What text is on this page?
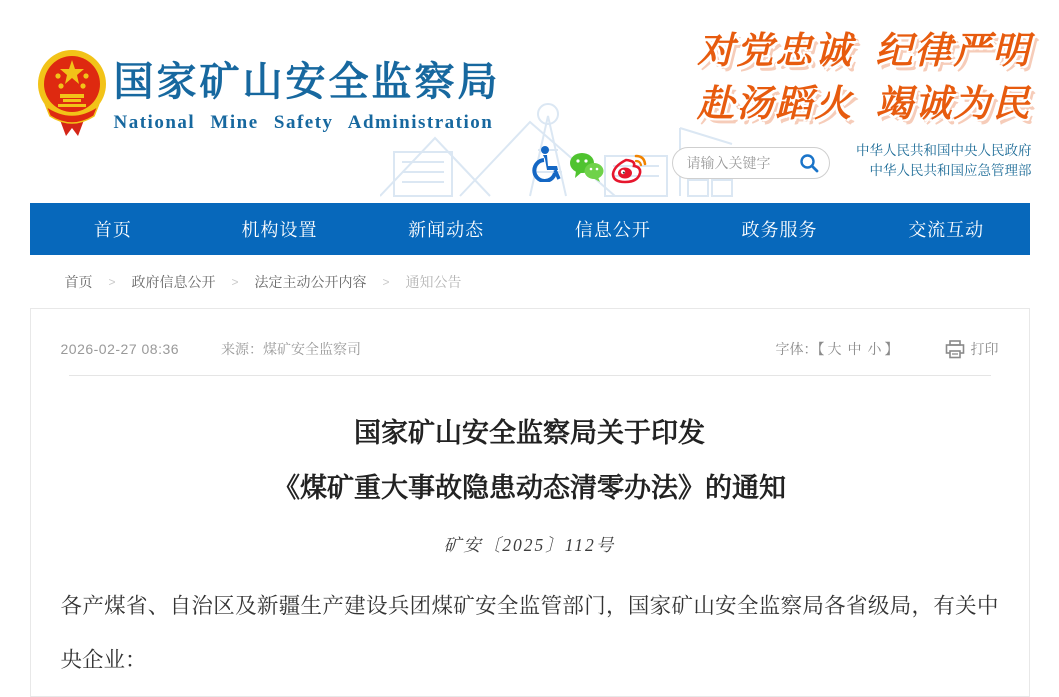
国家矿山安全监察局
National Mine Safety Administration
对党忠诚 纪律严明
赴汤蹈火 竭诚为民
请输入关键字
中华人民共和国中央人民政府
中华人民共和国应急管理部
首页	机构设置	新闻动态	信息公开	政务服务	交流互动
首页 > 政府信息公开 > 法定主动公开内容 > 通知公告
2026-02-27 08:36	来源：煤矿安全监察司	字体：【 大 中 小 】	打印
国家矿山安全监察局关于印发
《煤矿重大事故隐患动态清零办法》的通知
矿安〔2025〕112号

各产煤省、自治区及新疆生产建设兵团煤矿安全监管部门，国家矿山安全监察局各省级局，有关中央企业：
